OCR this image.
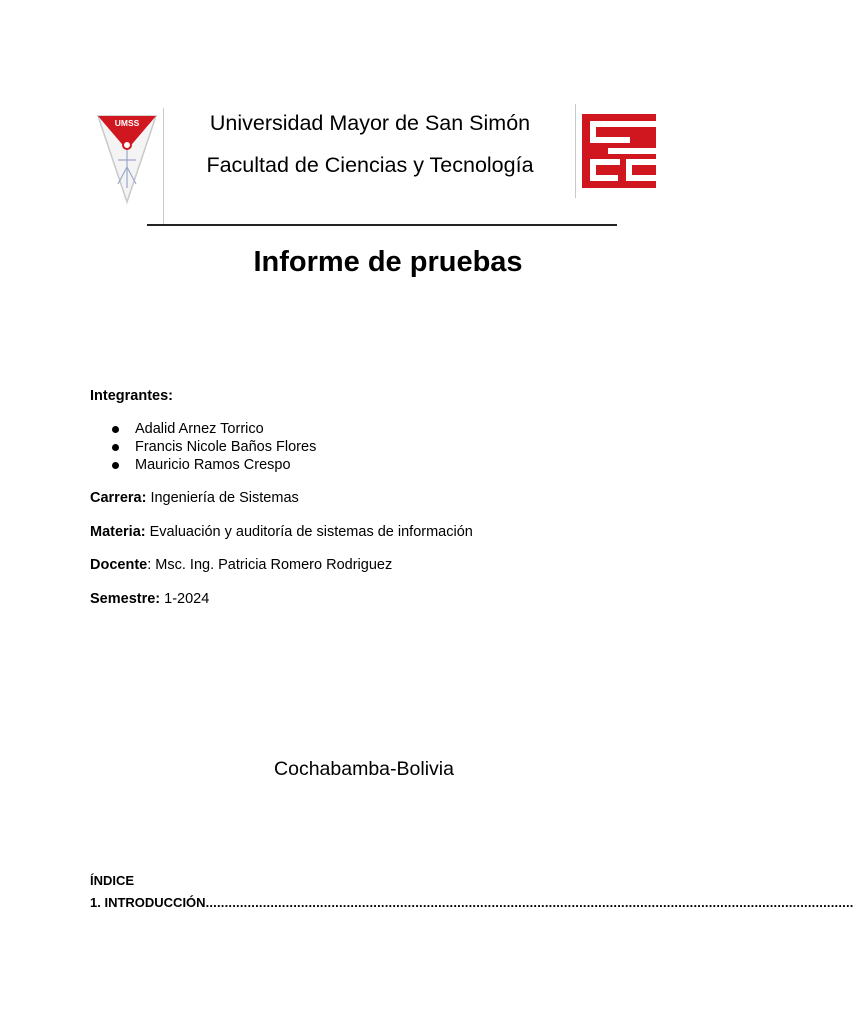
UMSS	Universidad Mayor de San Simón
Facultad de Ciencias y Tecnología
Informe de pruebas
Integrantes:
Adalid Arnez Torrico
Francis Nicole Baños Flores
Mauricio Ramos Crespo
Carrera: Ingeniería de Sistemas
Materia: Evaluación y auditoría de sistemas de información
Docente: Msc. Ing. Patricia Romero Rodriguez
Semestre: 1-2024
Cochabamba-Bolivia
ÍNDICE
1. INTRODUCCIÓN..........................................................................................................................................................................
